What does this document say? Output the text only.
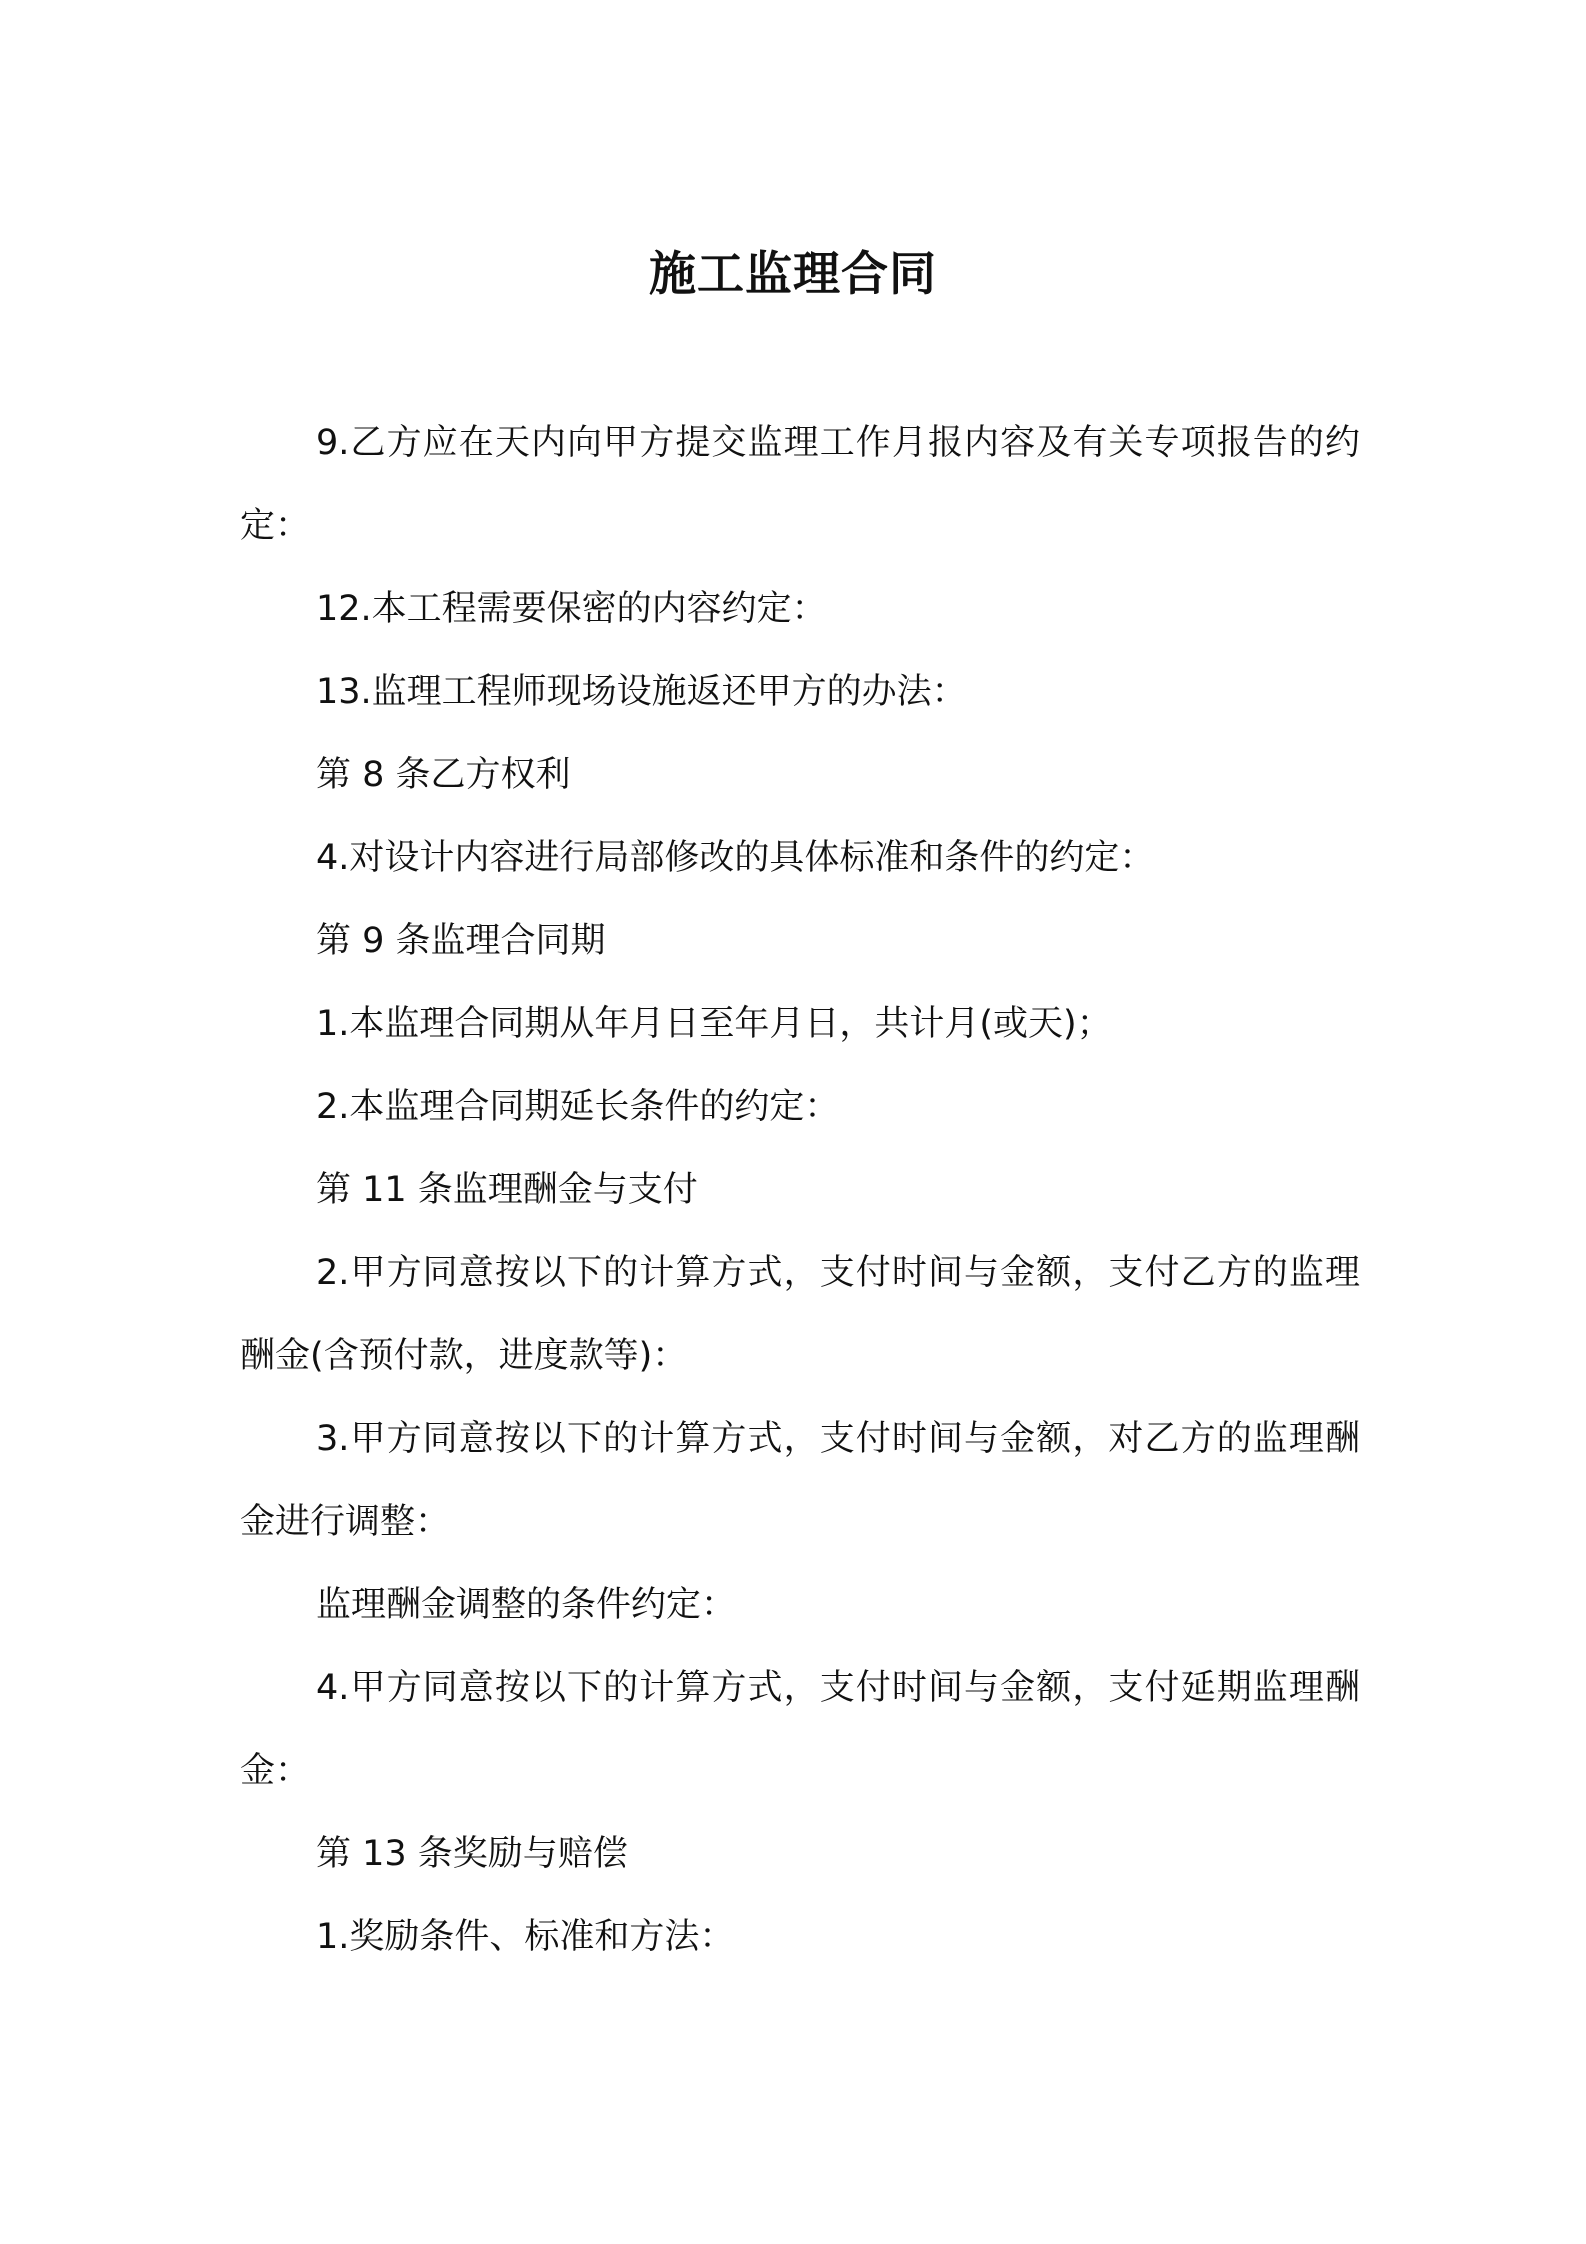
施工监理合同

9.乙方应在天内向甲方提交监理工作月报内容及有关专项报告的约定：

12.本工程需要保密的内容约定：

13.监理工程师现场设施返还甲方的办法：

第 8 条乙方权利

4.对设计内容进行局部修改的具体标准和条件的约定：

第 9 条监理合同期

1.本监理合同期从年月日至年月日，共计月(或天)；

2.本监理合同期延长条件的约定：

第 11 条监理酬金与支付

2.甲方同意按以下的计算方式，支付时间与金额，支付乙方的监理酬金(含预付款，进度款等)：

3.甲方同意按以下的计算方式，支付时间与金额，对乙方的监理酬金进行调整：

监理酬金调整的条件约定：

4.甲方同意按以下的计算方式，支付时间与金额，支付延期监理酬金：

第 13 条奖励与赔偿

1.奖励条件、标准和方法：
